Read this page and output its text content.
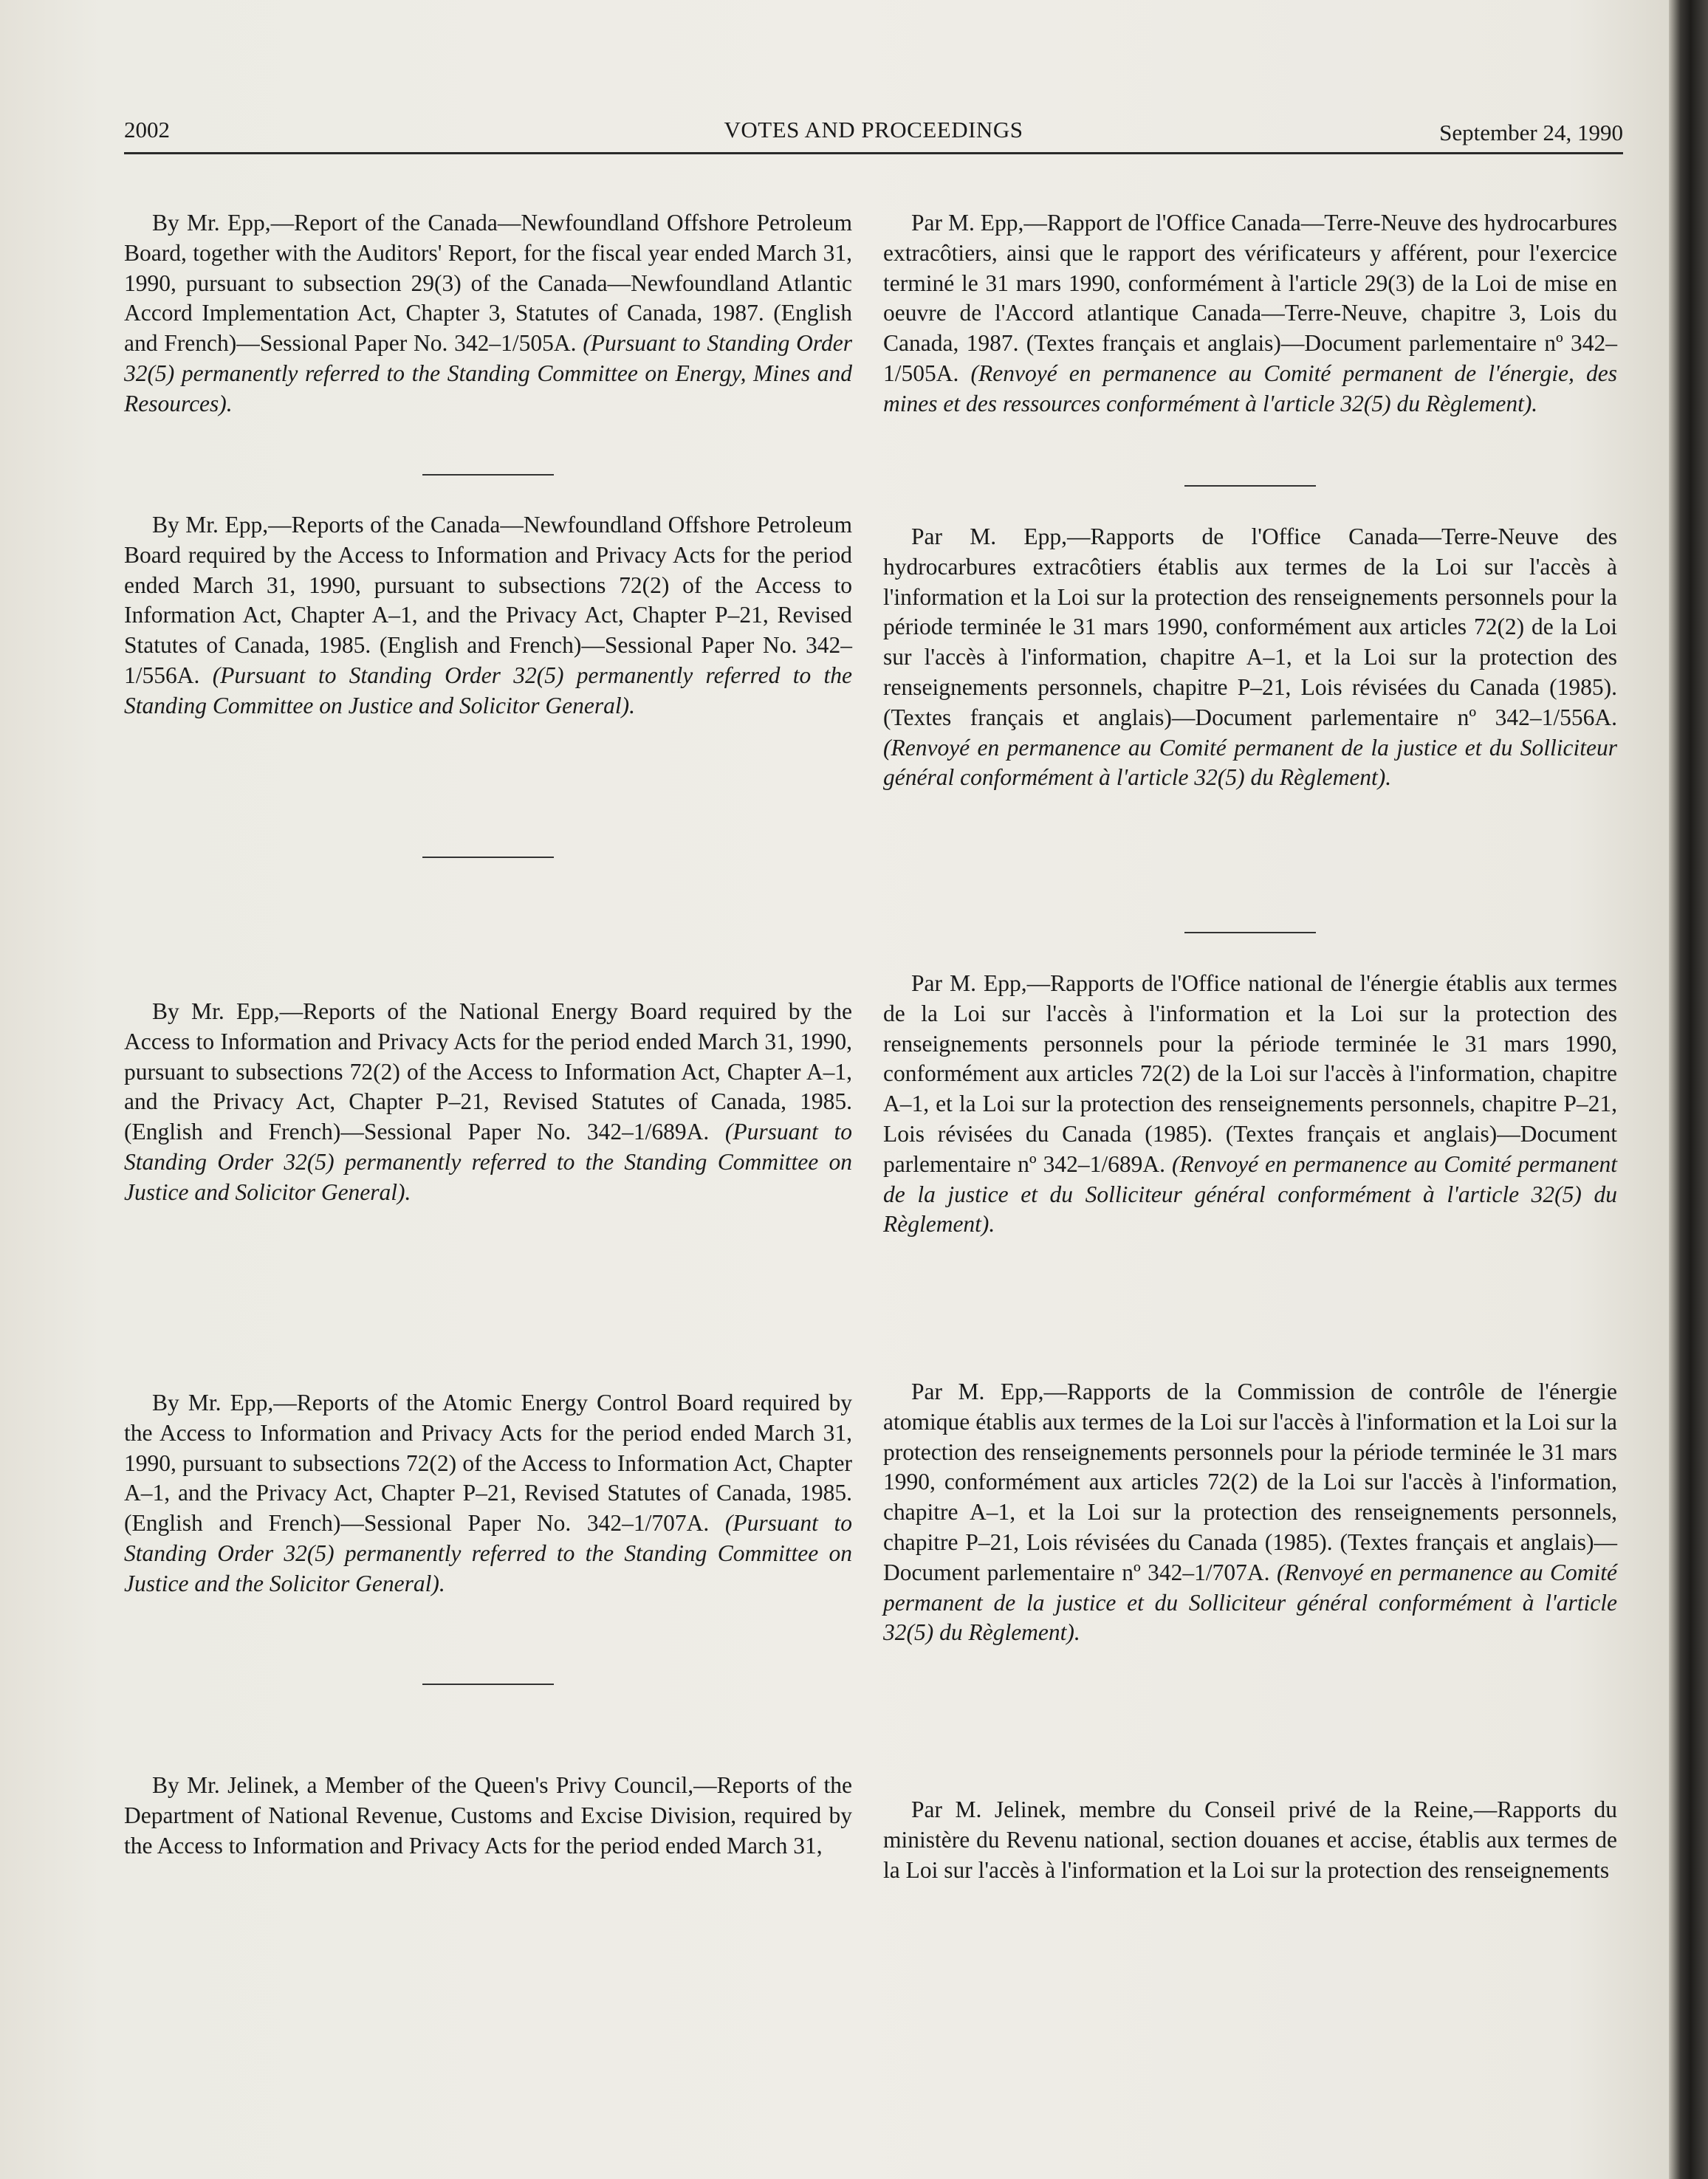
2002	VOTES AND PROCEEDINGS	September 24, 1990

By Mr. Epp,—Report of the Canada—Newfoundland Offshore Petroleum Board, together with the Auditors' Report, for the fiscal year ended March 31, 1990, pursuant to subsection 29(3) of the Canada—Newfoundland Atlantic Accord Implementation Act, Chapter 3, Statutes of Canada, 1987. (English and French)—Sessional Paper No. 342–1/505A. (Pursuant to Standing Order 32(5) permanently referred to the Standing Committee on Energy, Mines and Resources).

By Mr. Epp,—Reports of the Canada—Newfoundland Offshore Petroleum Board required by the Access to Information and Privacy Acts for the period ended March 31, 1990, pursuant to subsections 72(2) of the Access to Information Act, Chapter A–1, and the Privacy Act, Chapter P–21, Revised Statutes of Canada, 1985. (English and French)—Sessional Paper No. 342–1/556A. (Pursuant to Standing Order 32(5) permanently referred to the Standing Committee on Justice and Solicitor General).

By Mr. Epp,—Reports of the National Energy Board required by the Access to Information and Privacy Acts for the period ended March 31, 1990, pursuant to subsections 72(2) of the Access to Information Act, Chapter A–1, and the Privacy Act, Chapter P–21, Revised Statutes of Canada, 1985. (English and French)—Sessional Paper No. 342–1/689A. (Pursuant to Standing Order 32(5) permanently referred to the Standing Committee on Justice and Solicitor General).

By Mr. Epp,—Reports of the Atomic Energy Control Board required by the Access to Information and Privacy Acts for the period ended March 31, 1990, pursuant to subsections 72(2) of the Access to Information Act, Chapter A–1, and the Privacy Act, Chapter P–21, Revised Statutes of Canada, 1985. (English and French)—Sessional Paper No. 342–1/707A. (Pursuant to Standing Order 32(5) permanently referred to the Standing Committee on Justice and the Solicitor General).

By Mr. Jelinek, a Member of the Queen's Privy Council,—Reports of the Department of National Revenue, Customs and Excise Division, required by the Access to Information and Privacy Acts for the period ended March 31,

Par M. Epp,—Rapport de l'Office Canada—Terre-Neuve des hydrocarbures extracôtiers, ainsi que le rapport des vérificateurs y afférent, pour l'exercice terminé le 31 mars 1990, conformément à l'article 29(3) de la Loi de mise en oeuvre de l'Accord atlantique Canada—Terre-Neuve, chapitre 3, Lois du Canada, 1987. (Textes français et anglais)—Document parlementaire nº 342–1/505A. (Renvoyé en permanence au Comité permanent de l'énergie, des mines et des ressources conformément à l'article 32(5) du Règlement).

Par M. Epp,—Rapports de l'Office Canada—Terre-Neuve des hydrocarbures extracôtiers établis aux termes de la Loi sur l'accès à l'information et la Loi sur la protection des renseignements personnels pour la période terminée le 31 mars 1990, conformément aux articles 72(2) de la Loi sur l'accès à l'information, chapitre A–1, et la Loi sur la protection des renseignements personnels, chapitre P–21, Lois révisées du Canada (1985). (Textes français et anglais)—Document parlementaire nº 342–1/556A. (Renvoyé en permanence au Comité permanent de la justice et du Solliciteur général conformément à l'article 32(5) du Règlement).

Par M. Epp,—Rapports de l'Office national de l'énergie établis aux termes de la Loi sur l'accès à l'information et la Loi sur la protection des renseignements personnels pour la période terminée le 31 mars 1990, conformément aux articles 72(2) de la Loi sur l'accès à l'information, chapitre A–1, et la Loi sur la protection des renseignements personnels, chapitre P–21, Lois révisées du Canada (1985). (Textes français et anglais)—Document parlementaire nº 342–1/689A. (Renvoyé en permanence au Comité permanent de la justice et du Solliciteur général conformément à l'article 32(5) du Règlement).

Par M. Epp,—Rapports de la Commission de contrôle de l'énergie atomique établis aux termes de la Loi sur l'accès à l'information et la Loi sur la protection des renseignements personnels pour la période terminée le 31 mars 1990, conformément aux articles 72(2) de la Loi sur l'accès à l'information, chapitre A–1, et la Loi sur la protection des renseignements personnels, chapitre P–21, Lois révisées du Canada (1985). (Textes français et anglais)—Document parlementaire nº 342–1/707A. (Renvoyé en permanence au Comité permanent de la justice et du Solliciteur général conformément à l'article 32(5) du Règlement).

Par M. Jelinek, membre du Conseil privé de la Reine,—Rapports du ministère du Revenu national, section douanes et accise, établis aux termes de la Loi sur l'accès à l'information et la Loi sur la protection des renseignements
